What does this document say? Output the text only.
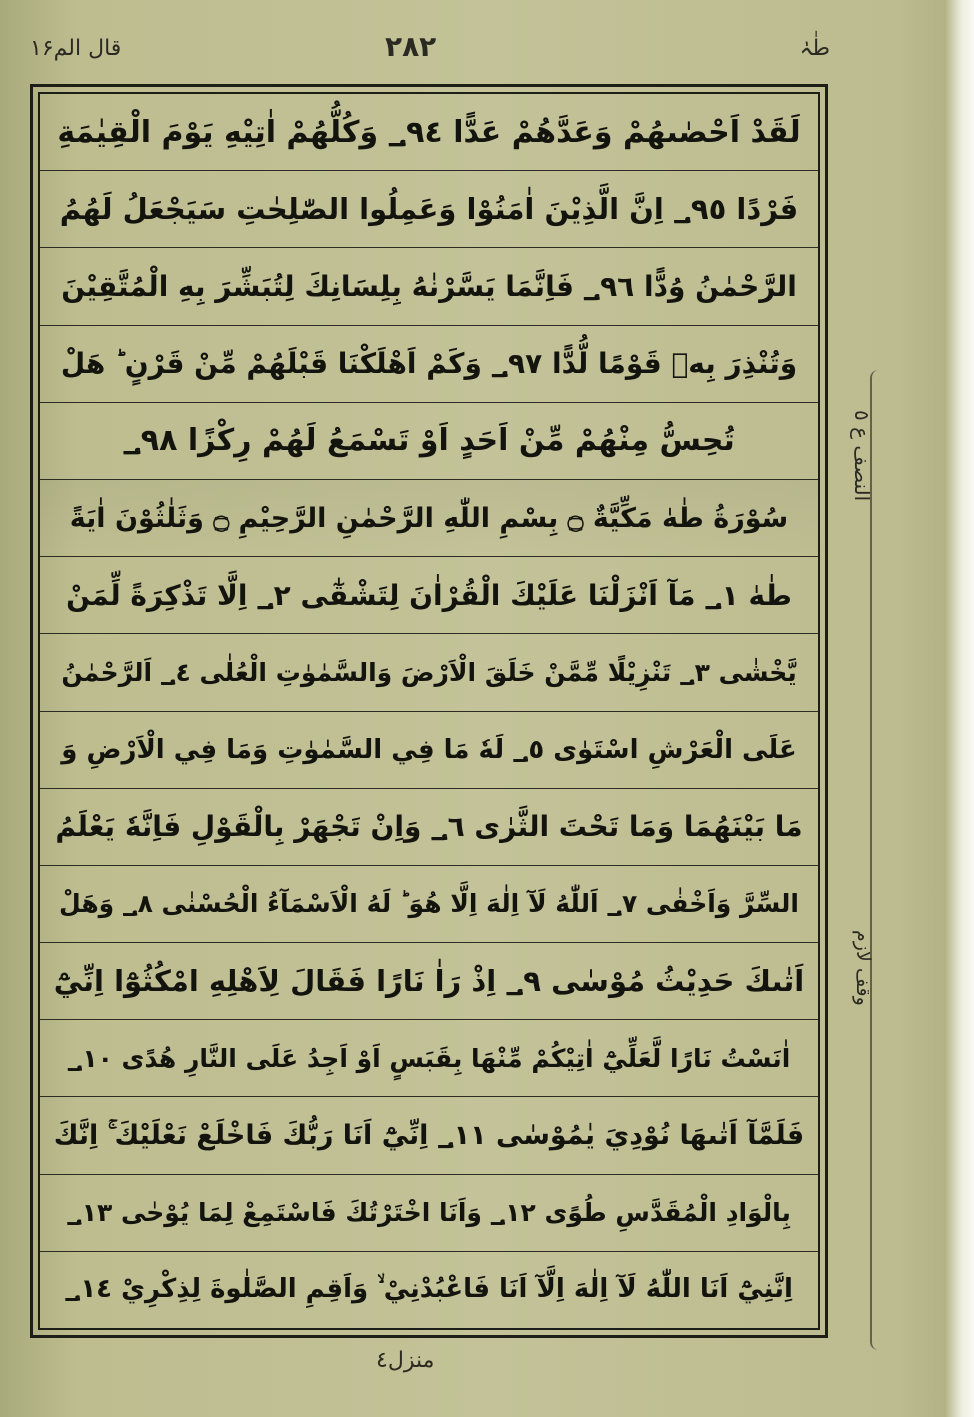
طٰہٰ
۲۸۲
قال الم۱۶
لَقَدْ اَحْصٰىهُمْ وَعَدَّهُمْ عَدًّا ؀٩٤ وَكُلُّهُمْ اٰتِيْهِ يَوْمَ الْقِيٰمَةِ
فَرْدًا ؀٩٥ اِنَّ الَّذِيْنَ اٰمَنُوْا وَعَمِلُوا الصّٰلِحٰتِ سَيَجْعَلُ لَهُمُ
الرَّحْمٰنُ وُدًّا ؀٩٦ فَاِنَّمَا يَسَّرْنٰهُ بِلِسَانِكَ لِتُبَشِّرَ بِهِ الْمُتَّقِيْنَ
وَتُنْذِرَ بِهٖ قَوْمًا لُّدًّا ؀٩٧ وَكَمْ اَهْلَكْنَا قَبْلَهُمْ مِّنْ قَرْنٍ ؕ هَلْ
تُحِسُّ مِنْهُمْ مِّنْ اَحَدٍ اَوْ تَسْمَعُ لَهُمْ رِكْزًا ؀٩٨
سُوْرَةُ طٰهٰ مَكِّيَّةٌ ۝ بِسْمِ اللّٰهِ الرَّحْمٰنِ الرَّحِيْمِ ۝ وَثَلٰثُوْنَ اٰيَةً
طٰهٰ ؀١ مَآ اَنْزَلْنَا عَلَيْكَ الْقُرْاٰنَ لِتَشْقٰٓى ؀٢ اِلَّا تَذْكِرَةً لِّمَنْ
يَّخْشٰى ؀٣ تَنْزِيْلًا مِّمَّنْ خَلَقَ الْاَرْضَ وَالسَّمٰوٰتِ الْعُلٰى ؀٤ اَلرَّحْمٰنُ
عَلَى الْعَرْشِ اسْتَوٰى ؀٥ لَهٗ مَا فِي السَّمٰوٰتِ وَمَا فِي الْاَرْضِ وَ
مَا بَيْنَهُمَا وَمَا تَحْتَ الثَّرٰى ؀٦ وَاِنْ تَجْهَرْ بِالْقَوْلِ فَاِنَّهٗ يَعْلَمُ
السِّرَّ وَاَخْفٰى ؀٧ اَللّٰهُ لَآ اِلٰهَ اِلَّا هُوَ ؕ لَهُ الْاَسْمَآءُ الْحُسْنٰى ؀٨ وَهَلْ
اَتٰىكَ حَدِيْثُ مُوْسٰى ؀٩ اِذْ رَاٰ نَارًا فَقَالَ لِاَهْلِهِ امْكُثُوْٓا اِنِّيْٓ
اٰنَسْتُ نَارًا لَّعَلِّيْٓ اٰتِيْكُمْ مِّنْهَا بِقَبَسٍ اَوْ اَجِدُ عَلَى النَّارِ هُدًى ؀١٠
فَلَمَّآ اَتٰىهَا نُوْدِيَ يٰمُوْسٰى ؀١١ اِنِّيْٓ اَنَا رَبُّكَ فَاخْلَعْ نَعْلَيْكَ ۚ اِنَّكَ
بِالْوَادِ الْمُقَدَّسِ طُوًى ؀١٢ وَاَنَا اخْتَرْتُكَ فَاسْتَمِعْ لِمَا يُوْحٰى ؀١٣
اِنَّنِيْٓ اَنَا اللّٰهُ لَآ اِلٰهَ اِلَّآ اَنَا فَاعْبُدْنِيْ ۙ وَاَقِمِ الصَّلٰوةَ لِذِكْرِيْ ؀١٤
النصف ع ٥
وقف لازم
منزل٤
